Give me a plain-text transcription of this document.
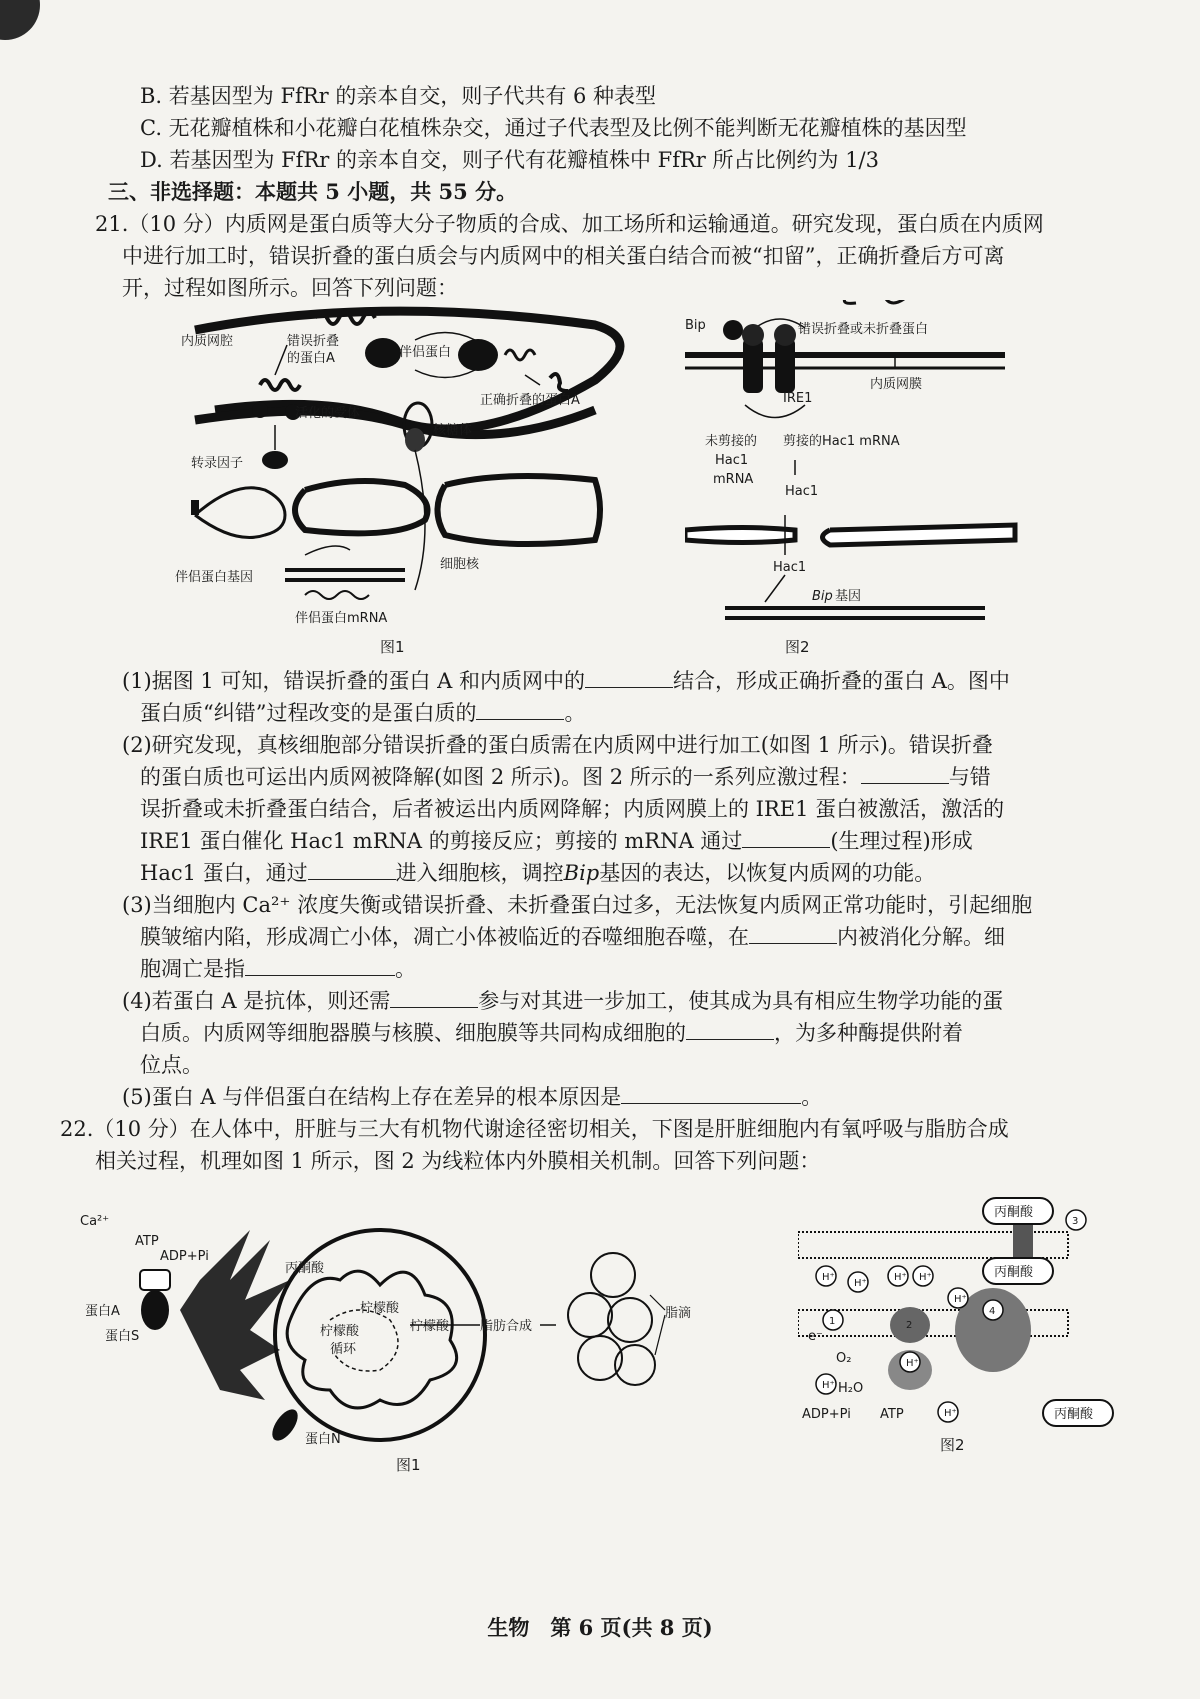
B. 若基因型为 FfRr 的亲本自交，则子代共有 6 种表型
C. 无花瓣植株和小花瓣白花植株杂交，通过子代表型及比例不能判断无花瓣植株的基因型
D. 若基因型为 FfRr 的亲本自交，则子代有花瓣植株中 FfRr 所占比例约为 1/3
三、非选择题：本题共 5 小题，共 55 分。
21.（10 分）内质网是蛋白质等大分子物质的合成、加工场所和运输通道。研究发现，蛋白质在内质网
中进行加工时，错误折叠的蛋白质会与内质网中的相关蛋白结合而被“扣留”，正确折叠后方可离
开，过程如图所示。回答下列问题：
内质网腔	错误折叠
的蛋白A	伴侣蛋白
正确折叠的蛋白A
活化的受体
核糖体
转录因子
细胞核
伴侣蛋白基因
伴侣蛋白mRNA
图1
Bip	错误折叠或未折叠蛋白
内质网膜
IRE1
未剪接的
Hac1
mRNA
剪接的Hac1 mRNA
Hac1
Hac1
Bip 基因
图2
(1)据图 1 可知，错误折叠的蛋白 A 和内质网中的	结合，形成正确折叠的蛋白 A。图中
蛋白质“纠错”过程改变的是蛋白质的	。
(2)研究发现，真核细胞部分错误折叠的蛋白质需在内质网中进行加工(如图 1 所示)。错误折叠
的蛋白质也可运出内质网被降解(如图 2 所示)。图 2 所示的一系列应激过程：	与错
误折叠或未折叠蛋白结合，后者被运出内质网降解；内质网膜上的 IRE1 蛋白被激活，激活的
IRE1 蛋白催化 Hac1 mRNA 的剪接反应；剪接的 mRNA 通过	(生理过程)形成
Hac1 蛋白，通过	进入细胞核，调控Bip基因的表达，以恢复内质网的功能。
(3)当细胞内 Ca²⁺ 浓度失衡或错误折叠、未折叠蛋白过多，无法恢复内质网正常功能时，引起细胞
膜皱缩内陷，形成凋亡小体，凋亡小体被临近的吞噬细胞吞噬，在	内被消化分解。细
胞凋亡是指	。
(4)若蛋白 A 是抗体，则还需	参与对其进一步加工，使其成为具有相应生物学功能的蛋
白质。内质网等细胞器膜与核膜、细胞膜等共同构成细胞的	，为多种酶提供附着
位点。
(5)蛋白 A 与伴侣蛋白在结构上存在差异的根本原因是	。
22.（10 分）在人体中，肝脏与三大有机物代谢途径密切相关，下图是肝脏细胞内有氧呼吸与脂肪合成
相关过程，机理如图 1 所示，图 2 为线粒体内外膜相关机制。回答下列问题：
Ca²⁺
ATP
ADP+Pi
蛋白A
蛋白S
丙酮酸
柠檬酸
柠檬酸
循环
蛋白N
柠檬酸 脂肪合成
脂滴
图1
H⁺
H⁺
H⁺ H⁺
H⁺
H⁺
H⁺
H⁺
1	2
3
4
丙酮酸
丙酮酸
丙酮酸
e⁻
O₂
H₂O
ADP+Pi ATP
图2
生物　第 6 页(共 8 页)
